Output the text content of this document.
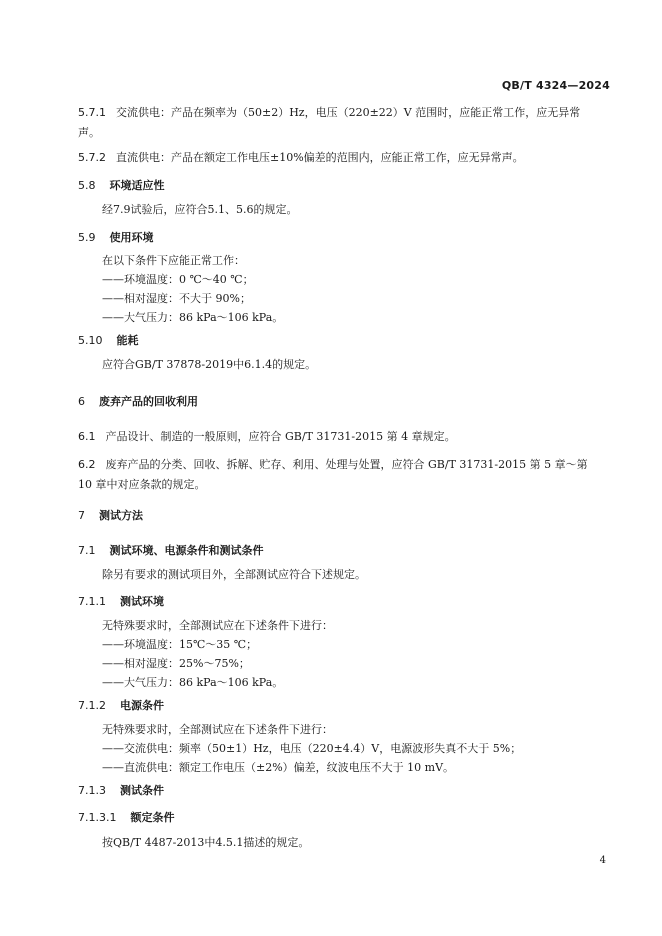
QB/T 4324—2024
5.7.1 交流供电：产品在频率为（50±2）Hz，电压（220±22）V 范围时，应能正常工作，应无异常
声。
5.7.2 直流供电：产品在额定工作电压±10%偏差的范围内，应能正常工作，应无异常声。
5.8 环境适应性
经7.9试验后，应符合5.1、5.6的规定。
5.9 使用环境
在以下条件下应能正常工作：
——环境温度：0 ℃～40 ℃；
——相对湿度：不大于 90%；
——大气压力：86 kPa～106 kPa。
5.10 能耗
应符合GB/T 37878-2019中6.1.4的规定。
6 废弃产品的回收利用
6.1 产品设计、制造的一般原则，应符合 GB/T 31731-2015 第 4 章规定。
6.2 废弃产品的分类、回收、拆解、贮存、利用、处理与处置，应符合 GB/T 31731-2015 第 5 章～第
10 章中对应条款的规定。
7 测试方法
7.1 测试环境、电源条件和测试条件
除另有要求的测试项目外，全部测试应符合下述规定。
7.1.1 测试环境
无特殊要求时，全部测试应在下述条件下进行：
——环境温度：15℃～35 ℃；
——相对湿度：25%～75%；
——大气压力：86 kPa～106 kPa。
7.1.2 电源条件
无特殊要求时，全部测试应在下述条件下进行：
——交流供电：频率（50±1）Hz，电压（220±4.4）V，电源波形失真不大于 5%；
——直流供电：额定工作电压（±2%）偏差，纹波电压不大于 10 mV。
7.1.3 测试条件
7.1.3.1 额定条件
按QB/T 4487-2013中4.5.1描述的规定。
4
